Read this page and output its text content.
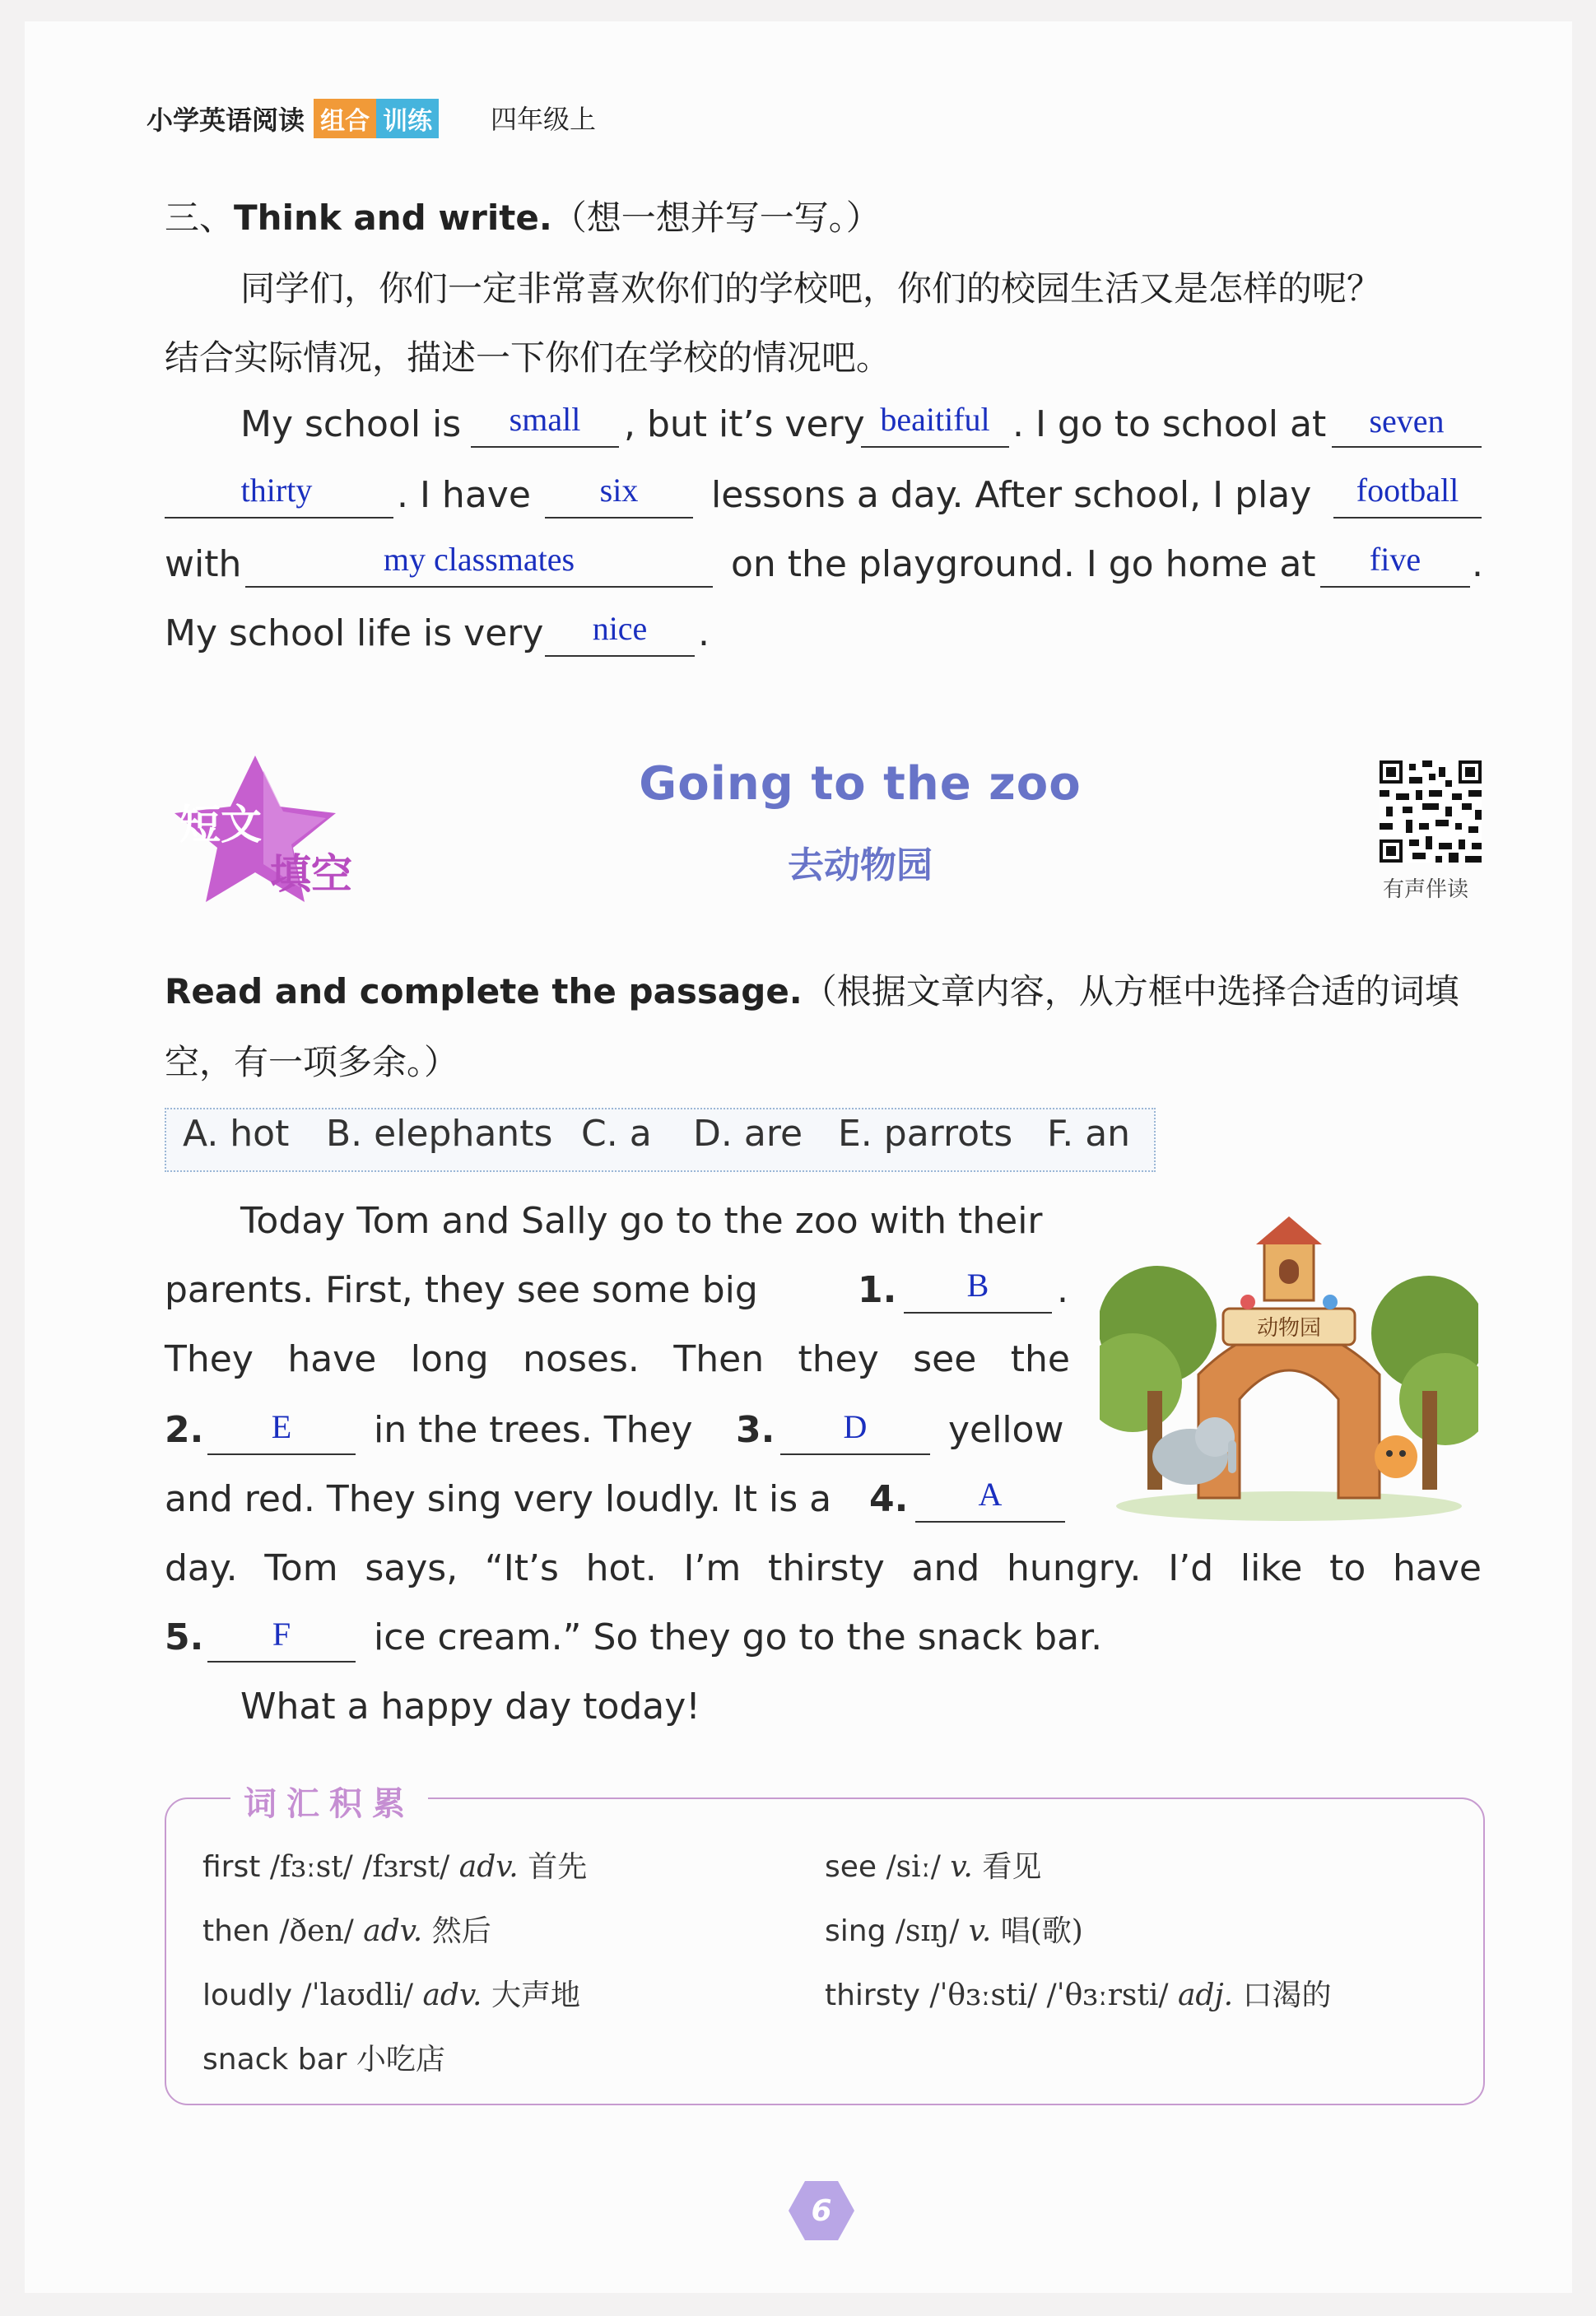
小学英语阅读 组合 训练 四年级上
三、Think and write.（想一想并写一写。）
同学们，你们一定非常喜欢你们的学校吧，你们的校园生活又是怎样的呢？
结合实际情况，描述一下你们在学校的情况吧。
My school is	small	, but it’s very beaitiful . I go to school at	seven
thirty	. I have	six	lessons a day. After school, I play	football
with	my classmates	on the playground. I go home at	five	.
My school life is very	nice	.
短文
填空
Going to the zoo
去动物园
有声伴读
Read and complete the passage.（根据文章内容，从方框中选择合适的词填
空，有一项多余。）
A. hot B. elephants C. a D. are E. parrots F. an
Today Tom and Sally go to the zoo with their
parents. First, they see some big	1.	B	.
They have long noses. Then they see the
2.	E	in the trees. They 3.	D	yellow
and red. They sing very loudly. It is a 4.	A
day. Tom says, “It’s hot. I’m thirsty and hungry. I’d like to have
5.	F	ice cream.” So they go to the snack bar.
What a happy day today!
动物园
词汇积累
first /fɜːst/ /fɜrst/ adv. 首先
then /ðen/ adv. 然后
loudly /ˈlaʊdli/ adv. 大声地
snack bar 小吃店
see /siː/ v. 看见
sing /sɪŋ/ v. 唱(歌)
thirsty /ˈθɜːsti/ /ˈθɜːrsti/ adj. 口渴的
6
